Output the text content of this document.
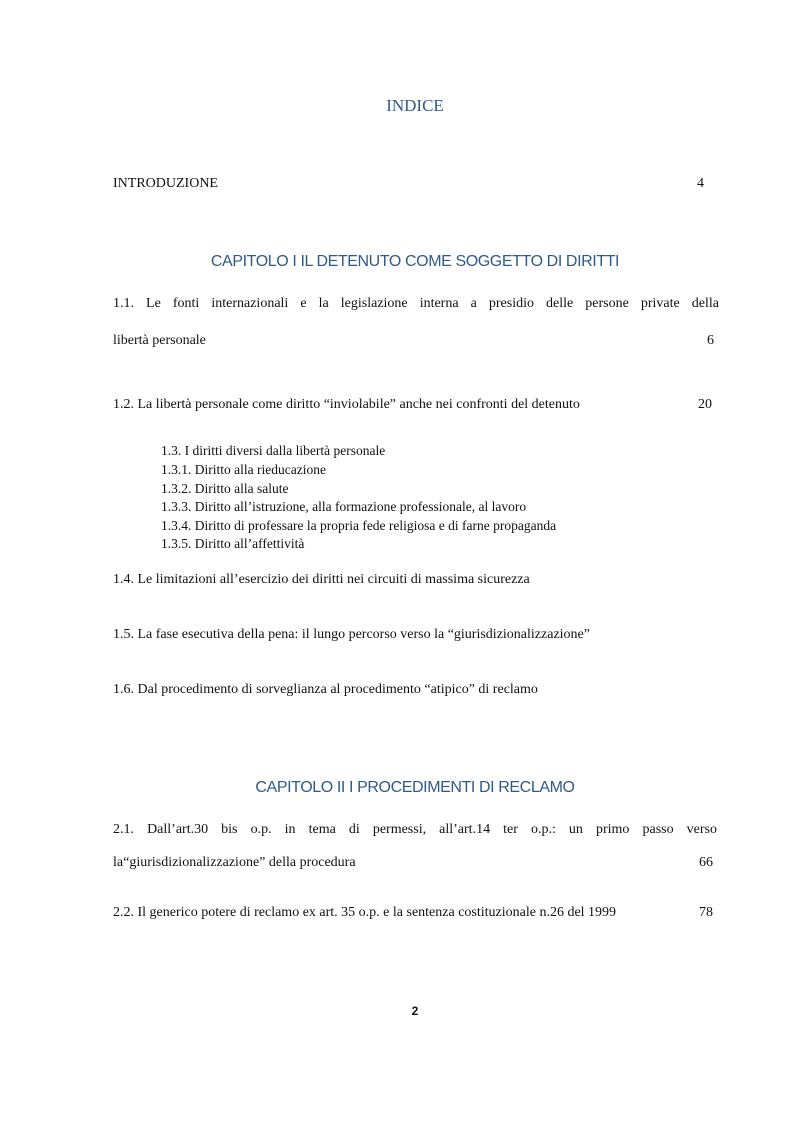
INDICE
INTRODUZIONE	4
CAPITOLO I IL DETENUTO COME SOGGETTO DI DIRITTI
1.1. Le fonti internazionali e la legislazione interna a presidio delle persone private della
libertà personale	6
1.2. La libertà personale come diritto “inviolabile” anche nei confronti del detenuto	20
1.3. I diritti diversi dalla libertà personale
1.3.1. Diritto alla rieducazione
1.3.2. Diritto alla salute
1.3.3. Diritto all’istruzione, alla formazione professionale, al lavoro
1.3.4. Diritto di professare la propria fede religiosa e di farne propaganda
1.3.5. Diritto all’affettività
1.4. Le limitazioni all’esercizio dei diritti nei circuiti di massima sicurezza
1.5. La fase esecutiva della pena: il lungo percorso verso la “giurisdizionalizzazione”
1.6. Dal procedimento di sorveglianza al procedimento “atipico” di reclamo
CAPITOLO II I PROCEDIMENTI DI RECLAMO
2.1. Dall’art.30 bis o.p. in tema di permessi, all’art.14 ter o.p.: un primo passo verso
la“giurisdizionalizzazione” della procedura	66
2.2. Il generico potere di reclamo ex art. 35 o.p. e la sentenza costituzionale n.26 del 1999	78
2
